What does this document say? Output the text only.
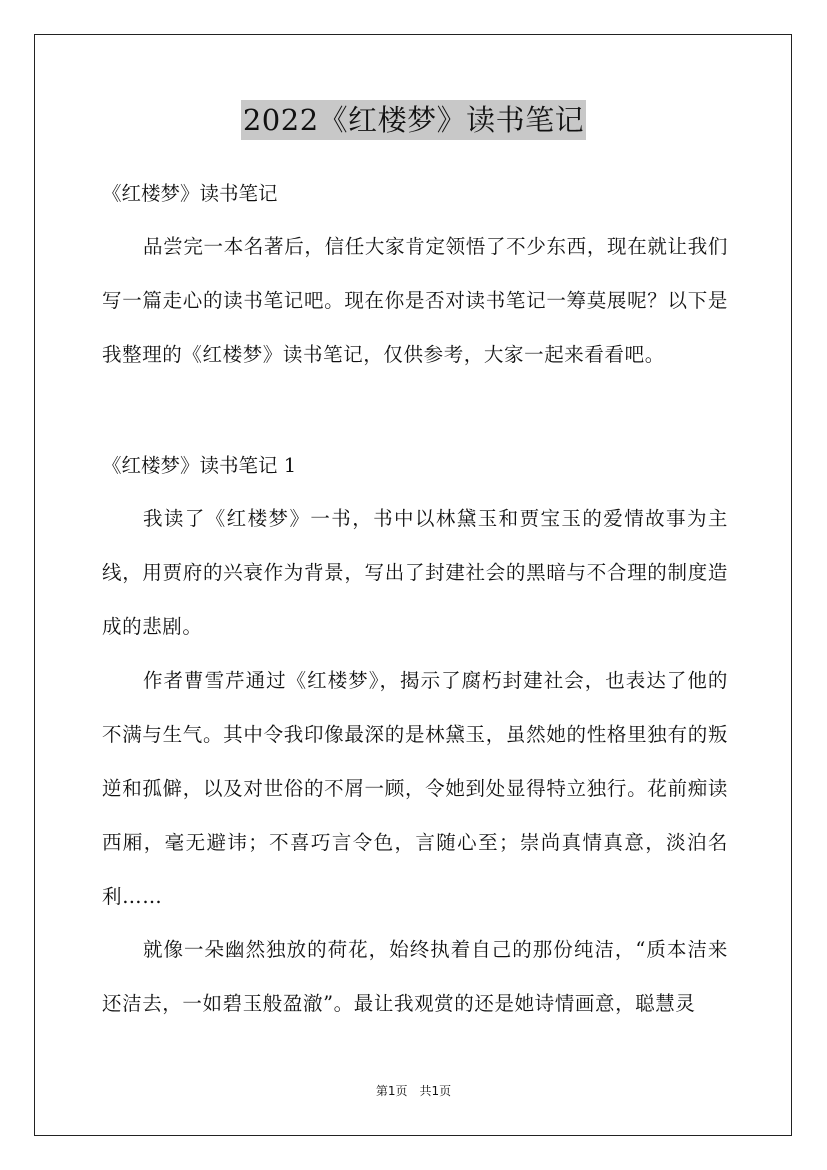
2022《红楼梦》读书笔记
《红楼梦》读书笔记
品尝完一本名著后，信任大家肯定领悟了不少东西，现在就让我们写一篇走心的读书笔记吧。现在你是否对读书笔记一筹莫展呢？以下是我整理的《红楼梦》读书笔记，仅供参考，大家一起来看看吧。
《红楼梦》读书笔记 1
我读了《红楼梦》一书，书中以林黛玉和贾宝玉的爱情故事为主线，用贾府的兴衰作为背景，写出了封建社会的黑暗与不合理的制度造成的悲剧。
作者曹雪芹通过《红楼梦》，揭示了腐朽封建社会，也表达了他的不满与生气。其中令我印像最深的是林黛玉，虽然她的性格里独有的叛逆和孤僻，以及对世俗的不屑一顾，令她到处显得特立独行。花前痴读西厢，毫无避讳；不喜巧言令色，言随心至；崇尚真情真意，淡泊名利……
就像一朵幽然独放的荷花，始终执着自己的那份纯洁，“质本洁来还洁去，一如碧玉般盈澈”。最让我观赏的还是她诗情画意，聪慧灵
第1页　共1页
